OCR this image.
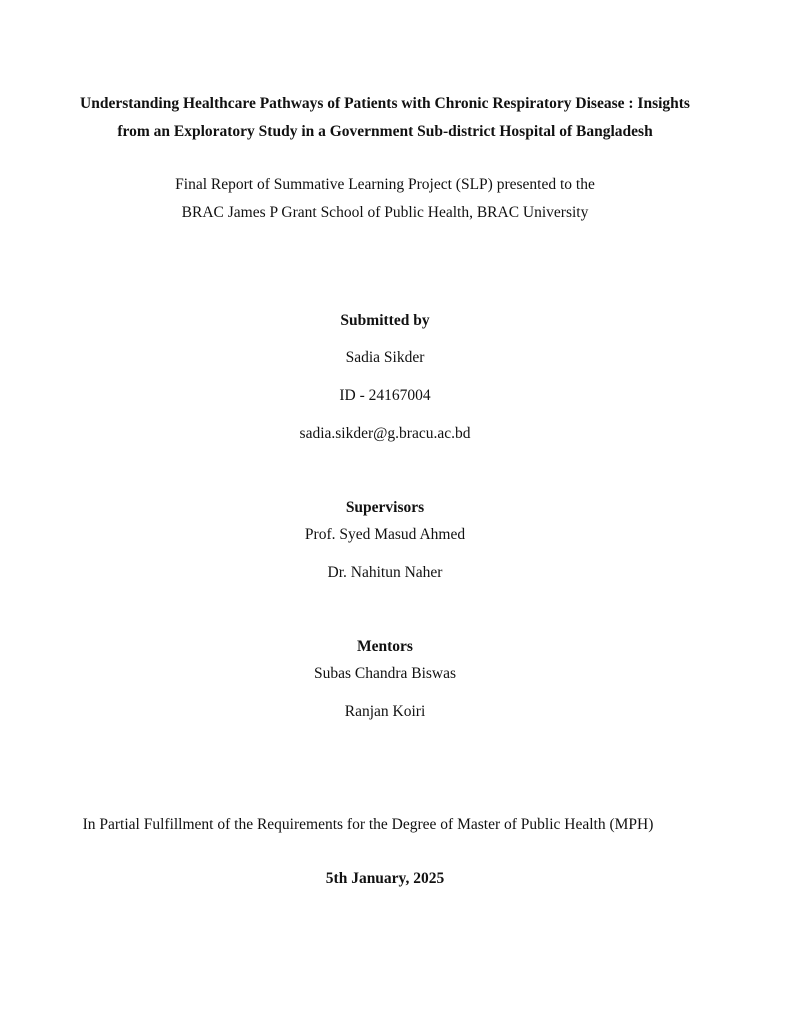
Understanding Healthcare Pathways of Patients with Chronic Respiratory Disease : Insights
from an Exploratory Study in a Government Sub-district Hospital of Bangladesh
Final Report of Summative Learning Project (SLP) presented to the
BRAC James P Grant School of Public Health, BRAC University
Submitted by
Sadia Sikder
ID - 24167004
sadia.sikder@g.bracu.ac.bd
Supervisors
Prof. Syed Masud Ahmed
Dr. Nahitun Naher
Mentors
Subas Chandra Biswas
Ranjan Koiri
In Partial Fulfillment of the Requirements for the Degree of Master of Public Health (MPH)
5th January, 2025
